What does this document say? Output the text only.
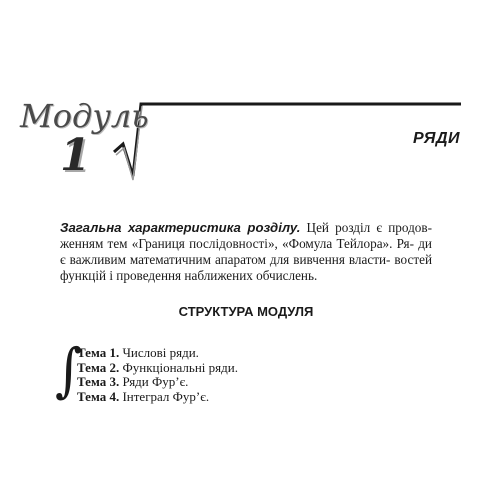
Модуль
1	РЯДИ

Загальна характеристика розділу. Цей розділ є продов- женням тем «Границя послідовності», «Фомула Тейлора». Ря- ди є важливим математичним апаратом для вивчення власти- востей функцій і проведення наближених обчислень.

СТРУКТУРА МОДУЛЯ
∫
Тема 1. Числові ряди.
Тема 2. Функціональні ряди.
Тема 3. Ряди Фур’є.
Тема 4. Інтеграл Фур’є.
